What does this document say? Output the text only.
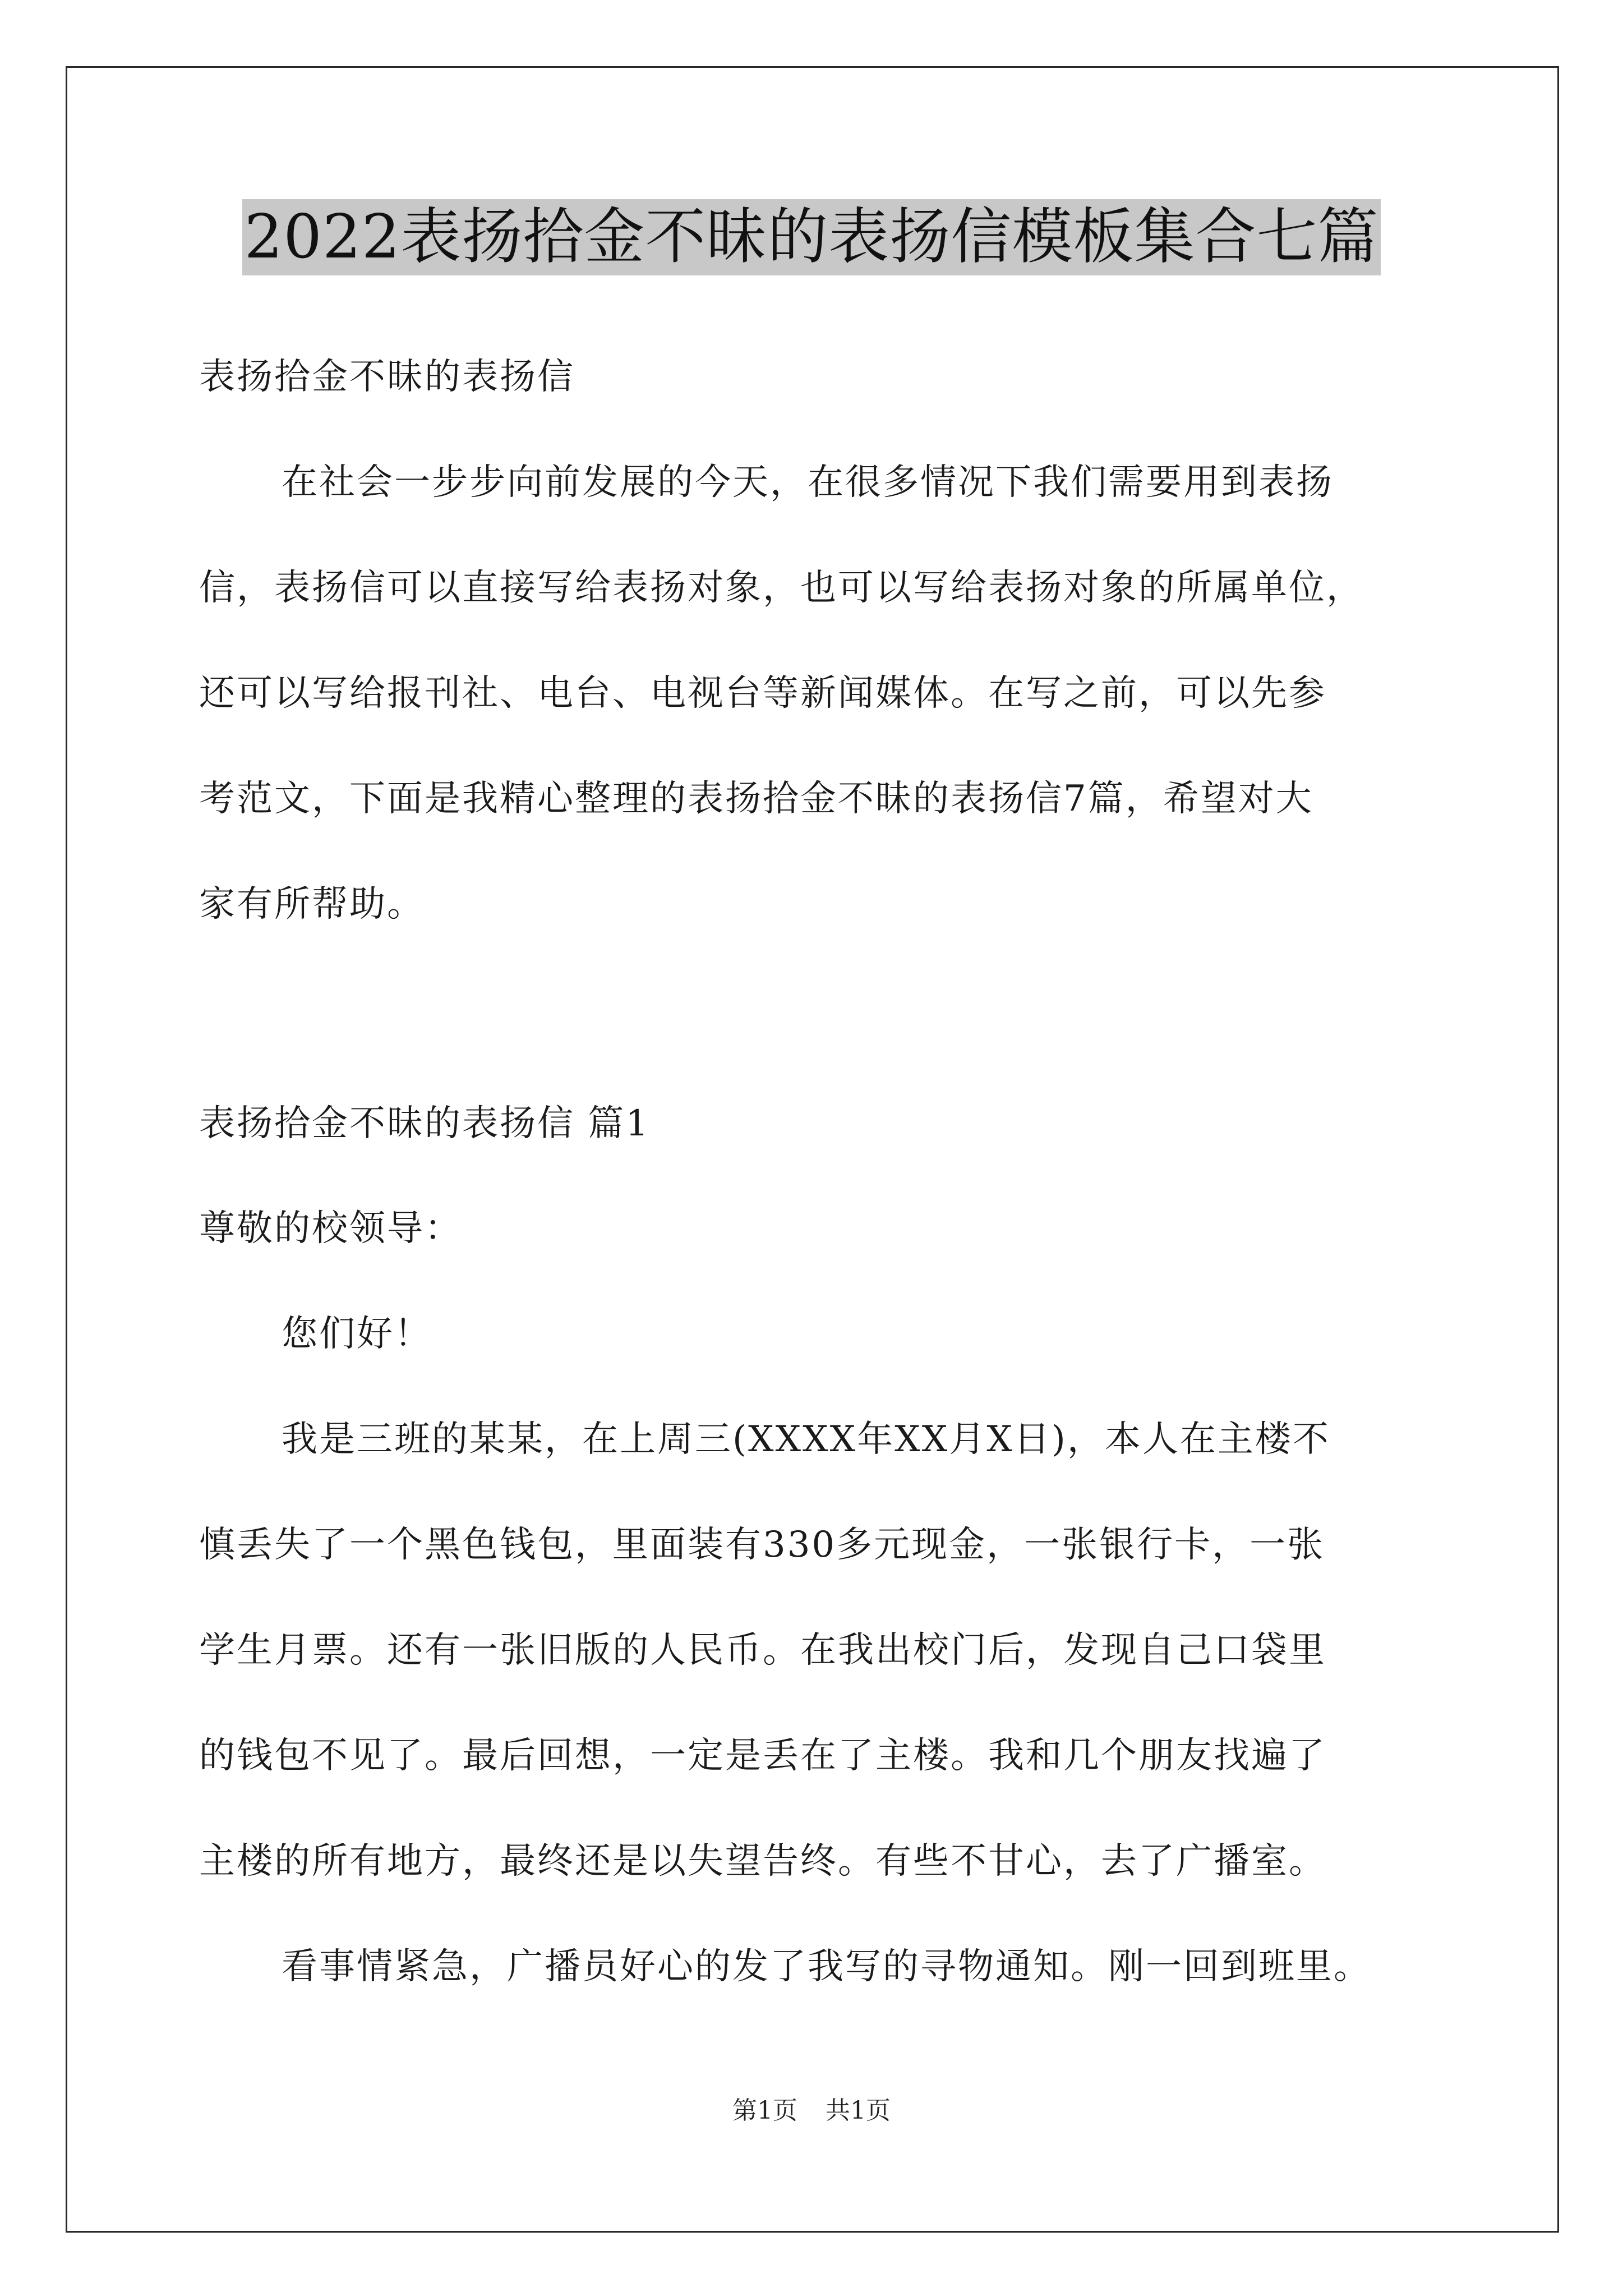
2022表扬拾金不昧的表扬信模板集合七篇
表扬拾金不昧的表扬信
在社会一步步向前发展的今天，在很多情况下我们需要用到表扬
信，表扬信可以直接写给表扬对象，也可以写给表扬对象的所属单位，
还可以写给报刊社、电台、电视台等新闻媒体。在写之前，可以先参
考范文，下面是我精心整理的表扬拾金不昧的表扬信7篇，希望对大
家有所帮助。
表扬拾金不昧的表扬信 篇1
尊敬的校领导：
您们好！
我是三班的某某，在上周三(XXXX年XX月X日)，本人在主楼不
慎丢失了一个黑色钱包，里面装有330多元现金，一张银行卡，一张
学生月票。还有一张旧版的人民币。在我出校门后，发现自己口袋里
的钱包不见了。最后回想，一定是丢在了主楼。我和几个朋友找遍了
主楼的所有地方，最终还是以失望告终。有些不甘心，去了广播室。
看事情紧急，广播员好心的发了我写的寻物通知。刚一回到班里。
第1页 共1页
